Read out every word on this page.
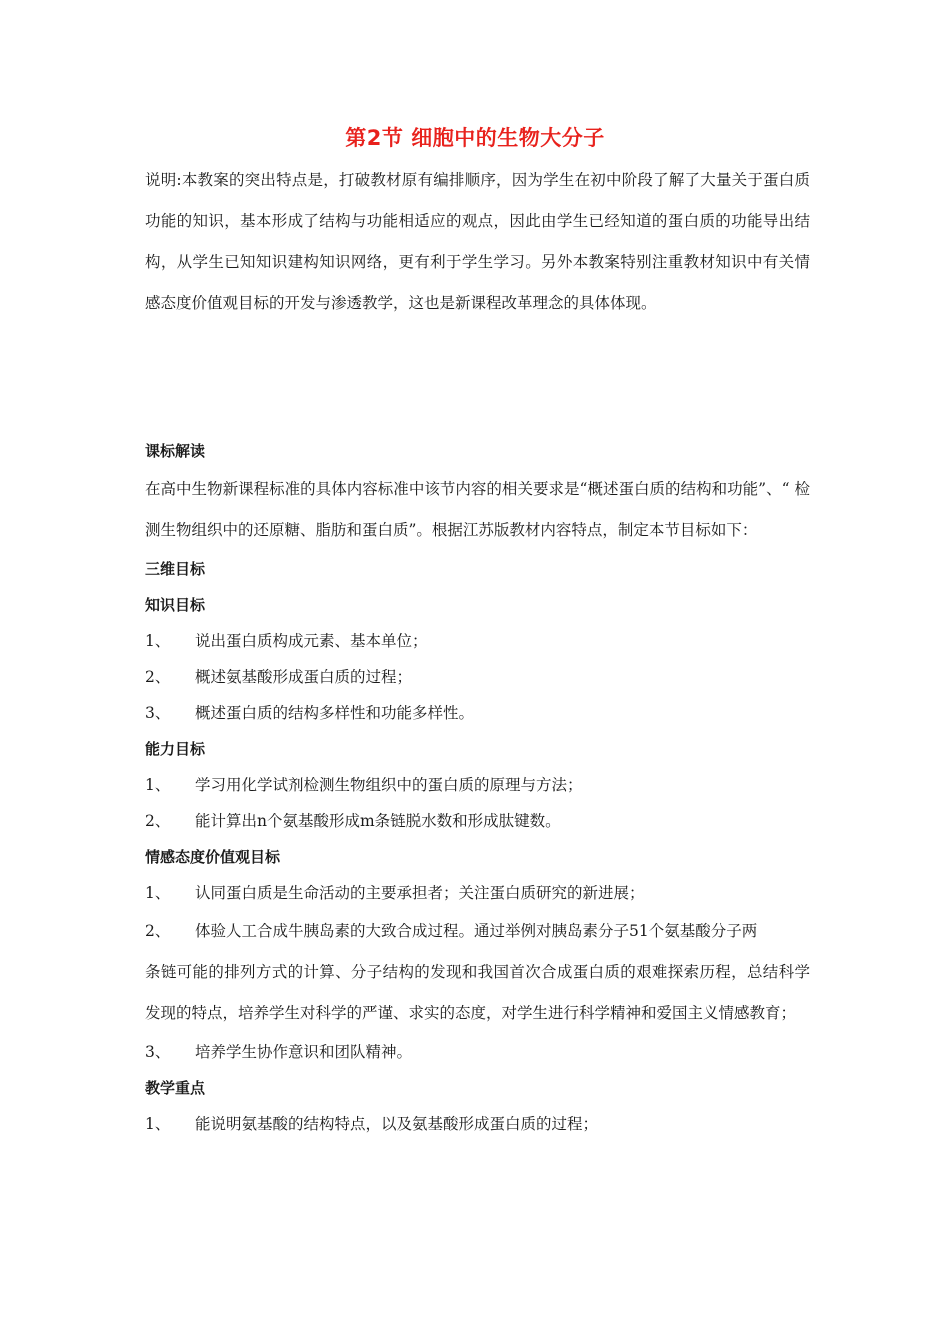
第2节 细胞中的生物大分子

说明:本教案的突出特点是，打破教材原有编排顺序，因为学生在初中阶段了解了大量关于蛋白质功能的知识，基本形成了结构与功能相适应的观点，因此由学生已经知道的蛋白质的功能导出结构，从学生已知知识建构知识网络，更有利于学生学习。另外本教案特别注重教材知识中有关情感态度价值观目标的开发与渗透教学，这也是新课程改革理念的具体体现。

课标解读

在高中生物新课程标准的具体内容标准中该节内容的相关要求是“概述蛋白质的结构和功能”、“ 检测生物组织中的还原糖、脂肪和蛋白质”。根据江苏版教材内容特点，制定本节目标如下：

三维目标

知识目标

1、	说出蛋白质构成元素、基本单位；
2、	概述氨基酸形成蛋白质的过程；
3、	概述蛋白质的结构多样性和功能多样性。

能力目标

1、	学习用化学试剂检测生物组织中的蛋白质的原理与方法；
2、	能计算出n个氨基酸形成m条链脱水数和形成肽键数。

情感态度价值观目标

1、	认同蛋白质是生命活动的主要承担者；关注蛋白质研究的新进展；
2、	体验人工合成牛胰岛素的大致合成过程。通过举例对胰岛素分子51个氨基酸分子两

条链可能的排列方式的计算、分子结构的发现和我国首次合成蛋白质的艰难探索历程，总结科学发现的特点，培养学生对科学的严谨、求实的态度，对学生进行科学精神和爱国主义情感教育；

3、	培养学生协作意识和团队精神。

教学重点

1、	能说明氨基酸的结构特点，以及氨基酸形成蛋白质的过程；
